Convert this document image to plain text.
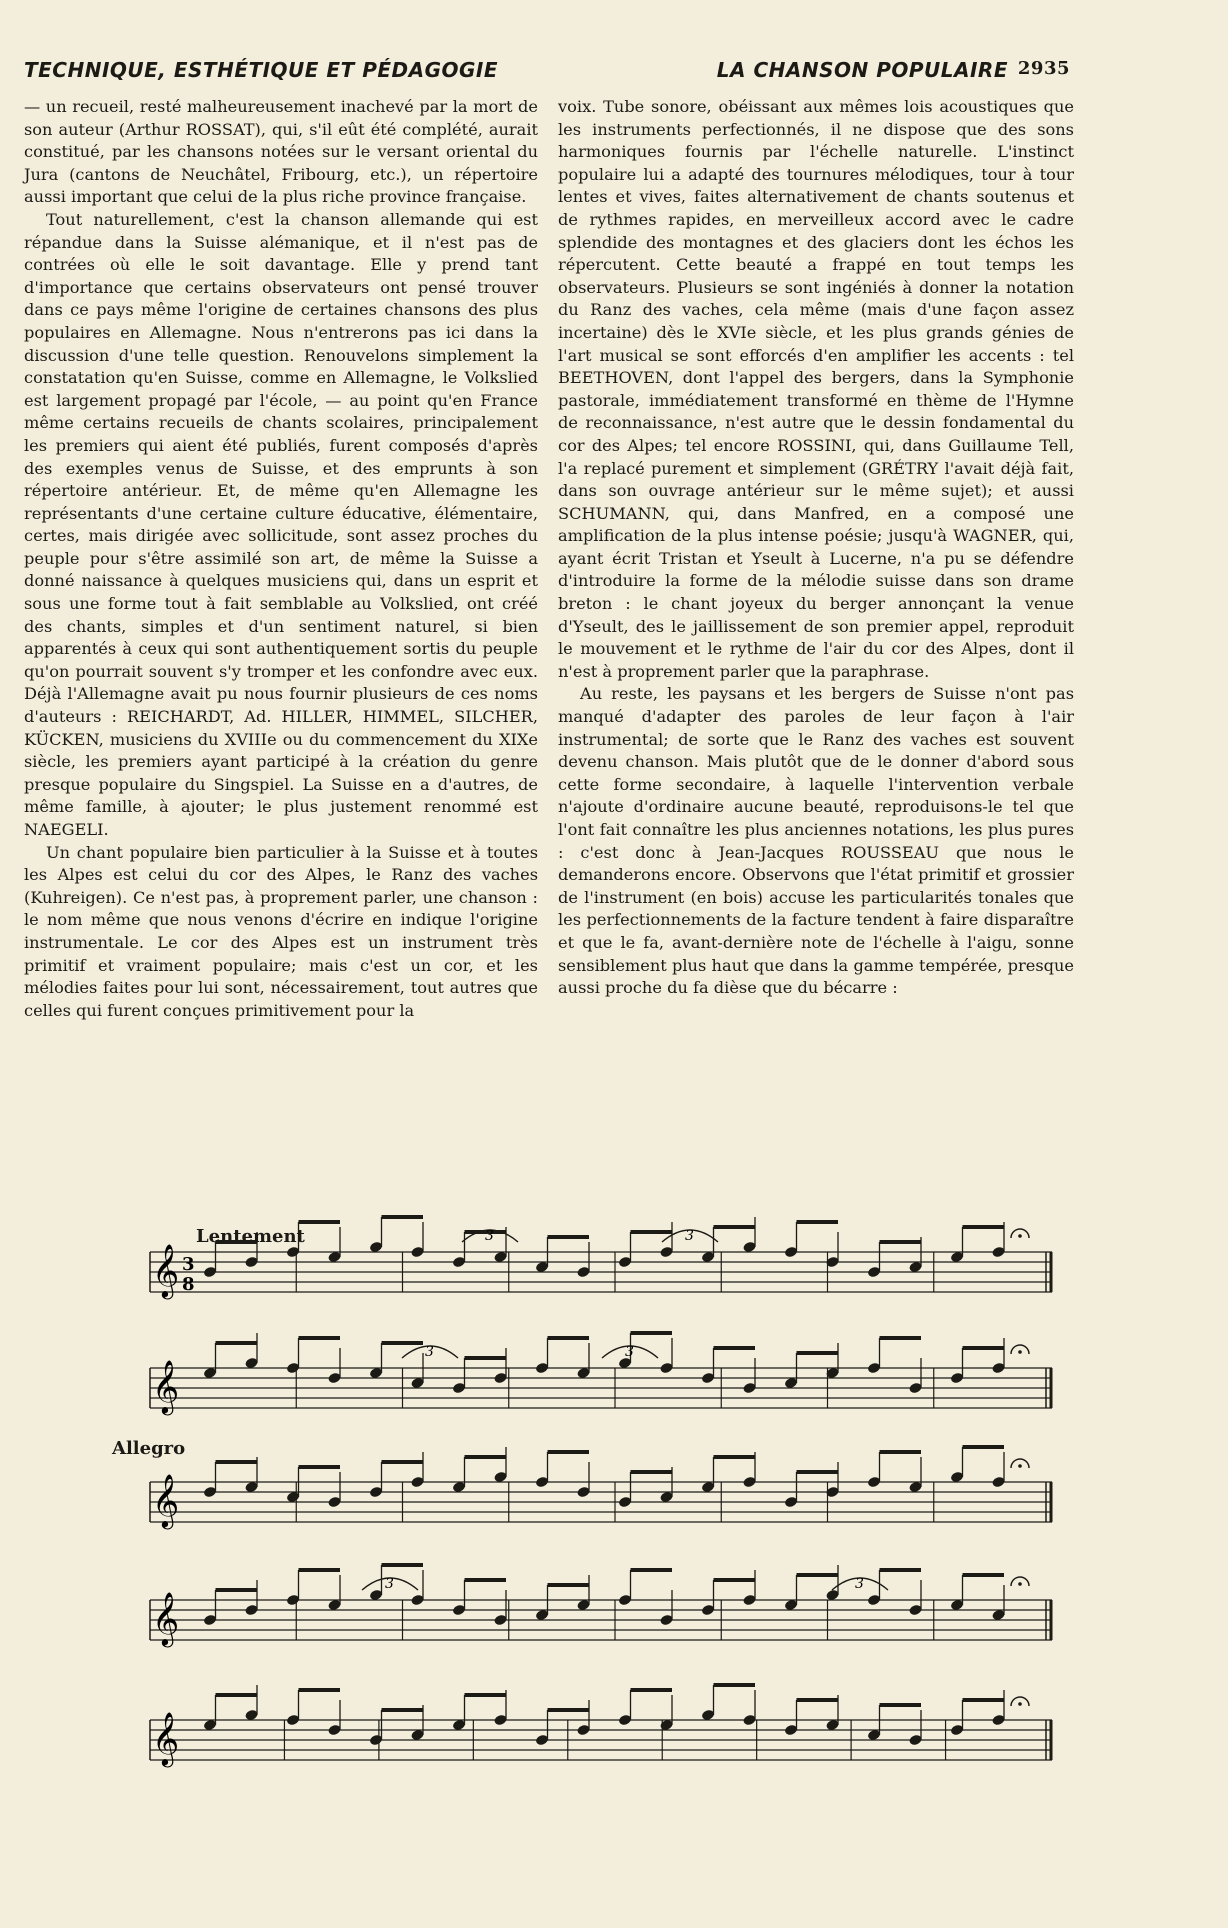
TECHNIQUE, ESTHÉTIQUE ET PÉDAGOGIE	LA CHANSON POPULAIRE 2935

— un recueil, resté malheureusement inachevé par la mort de son auteur (Arthur ROSSAT), qui, s'il eût été complété, aurait constitué, par les chansons notées sur le versant oriental du Jura (cantons de Neuchâtel, Fribourg, etc.), un répertoire aussi important que celui de la plus riche province française.

Tout naturellement, c'est la chanson allemande qui est répandue dans la Suisse alémanique, et il n'est pas de contrées où elle le soit davantage. Elle y prend tant d'importance que certains observateurs ont pensé trouver dans ce pays même l'origine de certaines chansons des plus populaires en Allemagne. Nous n'entrerons pas ici dans la discussion d'une telle question. Renouvelons simplement la constatation qu'en Suisse, comme en Allemagne, le Volkslied est largement propagé par l'école, — au point qu'en France même certains recueils de chants scolaires, principalement les premiers qui aient été publiés, furent composés d'après des exemples venus de Suisse, et des emprunts à son répertoire antérieur. Et, de même qu'en Allemagne les représentants d'une certaine culture éducative, élémentaire, certes, mais dirigée avec sollicitude, sont assez proches du peuple pour s'être assimilé son art, de même la Suisse a donné naissance à quelques musiciens qui, dans un esprit et sous une forme tout à fait semblable au Volkslied, ont créé des chants, simples et d'un sentiment naturel, si bien apparentés à ceux qui sont authentiquement sortis du peuple qu'on pourrait souvent s'y tromper et les confondre avec eux. Déjà l'Allemagne avait pu nous fournir plusieurs de ces noms d'auteurs : REICHARDT, Ad. HILLER, HIMMEL, SILCHER, KÜCKEN, musiciens du XVIIIe ou du commencement du XIXe siècle, les premiers ayant participé à la création du genre presque populaire du Singspiel. La Suisse en a d'autres, de même famille, à ajouter; le plus justement renommé est NAEGELI.

Un chant populaire bien particulier à la Suisse et à toutes les Alpes est celui du cor des Alpes, le Ranz des vaches (Kuhreigen). Ce n'est pas, à proprement parler, une chanson : le nom même que nous venons d'écrire en indique l'origine instrumentale. Le cor des Alpes est un instrument très primitif et vraiment populaire; mais c'est un cor, et les mélodies faites pour lui sont, nécessairement, tout autres que celles qui furent conçues primitivement pour la

voix. Tube sonore, obéissant aux mêmes lois acoustiques que les instruments perfectionnés, il ne dispose que des sons harmoniques fournis par l'échelle naturelle. L'instinct populaire lui a adapté des tournures mélodiques, tour à tour lentes et vives, faites alternativement de chants soutenus et de rythmes rapides, en merveilleux accord avec le cadre splendide des montagnes et des glaciers dont les échos les répercutent. Cette beauté a frappé en tout temps les observateurs. Plusieurs se sont ingéniés à donner la notation du Ranz des vaches, cela même (mais d'une façon assez incertaine) dès le XVIe siècle, et les plus grands génies de l'art musical se sont efforcés d'en amplifier les accents : tel BEETHOVEN, dont l'appel des bergers, dans la Symphonie pastorale, immédiatement transformé en thème de l'Hymne de reconnaissance, n'est autre que le dessin fondamental du cor des Alpes; tel encore ROSSINI, qui, dans Guillaume Tell, l'a replacé purement et simplement (GRÉTRY l'avait déjà fait, dans son ouvrage antérieur sur le même sujet); et aussi SCHUMANN, qui, dans Manfred, en a composé une amplification de la plus intense poésie; jusqu'à WAGNER, qui, ayant écrit Tristan et Yseult à Lucerne, n'a pu se défendre d'introduire la forme de la mélodie suisse dans son drame breton : le chant joyeux du berger annonçant la venue d'Yseult, des le jaillissement de son premier appel, reproduit le mouvement et le rythme de l'air du cor des Alpes, dont il n'est à proprement parler que la paraphrase.

Au reste, les paysans et les bergers de Suisse n'ont pas manqué d'adapter des paroles de leur façon à l'air instrumental; de sorte que le Ranz des vaches est souvent devenu chanson. Mais plutôt que de le donner d'abord sous cette forme secondaire, à laquelle l'intervention verbale n'ajoute d'ordinaire aucune beauté, reproduisons-le tel que l'ont fait connaître les plus anciennes notations, les plus pures : c'est donc à Jean-Jacques ROUSSEAU que nous le demanderons encore. Observons que l'état primitif et grossier de l'instrument (en bois) accuse les particularités tonales que les perfectionnements de la facture tendent à faire disparaître et que le fa, avant-dernière note de l'échelle à l'aigu, sonne sensiblement plus haut que dans la gamme tempérée, presque aussi proche du fa dièse que du bécarre :

Lentement
Allegro
𝄞
𝄞
𝄞
𝄞
𝄞
3
8
3	3
3	3
3	3
